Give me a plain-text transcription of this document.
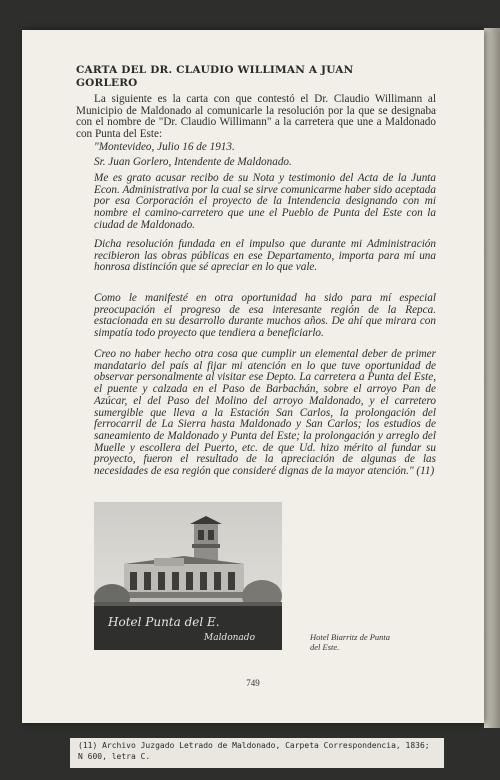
CARTA DEL DR. CLAUDIO WILLIMAN A JUAN GORLERO

La siguiente es la carta con que contestó el Dr. Claudio Willimann al Municipio de Maldonado al comunicarle la resolución por la que se designaba con el nombre de "Dr. Claudio Willimann" a la carretera que une a Maldonado con Punta del Este:

"Montevideo, Julio 16 de 1913.

Sr. Juan Gorlero, Intendente de Maldonado.

Me es grato acusar recibo de su Nota y testimonio del Acta de la Junta Econ. Administrativa por la cual se sirve comunicarme haber sido aceptada por esa Corporación el proyecto de la Intendencia designando con mi nombre el camino-carretero que une el Pueblo de Punta del Este con la ciudad de Maldonado.

Dicha resolución fundada en el impulso que durante mi Administración recibieron las obras públicas en ese Departamento, importa para mí una honrosa distinción que sé apreciar en lo que vale.

Como le manifesté en otra oportunidad ha sido para mí especial preocupación el progreso de esa interesante región de la Repca. estacionada en su desarrollo durante muchos años. De ahí que mirara con simpatía todo proyecto que tendiera a beneficiarlo.

Creo no haber hecho otra cosa que cumplir un elemental deber de primer mandatario del país al fijar mi atención en lo que tuve oportunidad de observar personalmente al visitar ese Depto. La carretera a Punta del Este, el puente y calzada en el Paso de Barbachán, sobre el arroyo Pan de Azúcar, el del Paso del Molino del arroyo Maldonado, y el carretero sumergible que lleva a la Estación San Carlos, la prolongación del ferrocarril de La Sierra hasta Maldonado y San Carlos; los estudios de saneamiento de Maldonado y Punta del Este; la prolongación y arreglo del Muelle y escollera del Puerto, etc. de que Ud. hizo mérito al fundar su proyecto, fueron el resultado de la apreciación de algunas de las necesidades de esa región que consideré dignas de la mayor atención." (11)

Hotel Punta del E.
Maldonado	Hotel Biarritz de Punta del Este.

749

(11) Archivo Juzgado Letrado de Maldonado, Carpeta Correspondencia, 1836; N 600, letra C.
